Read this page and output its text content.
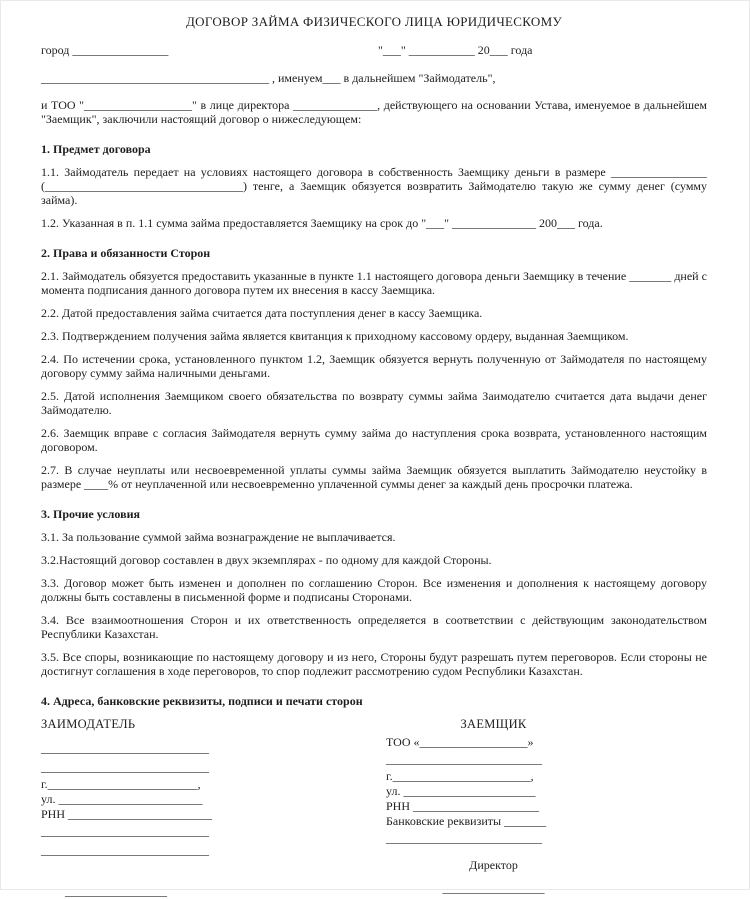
ДОГОВОР ЗАЙМА ФИЗИЧЕСКОГО ЛИЦА ЮРИДИЧЕСКОМУ
город ________________	"___" ___________ 20___ года
______________________________________ , именуем___ в дальнейшем "Займодатель",

и ТОО "__________________" в лице директора ______________, действующего на основании Устава, именуемое в дальнейшем "Заемщик", заключили настоящий договор о нижеследующем:

1. Предмет договора

1.1. Займодатель передает на условиях настоящего договора в собственность Заемщику деньги в размере ________________ (_________________________________) тенге, а Заемщик обязуется возвратить Займодателю такую же сумму денег (сумму займа).

1.2. Указанная в п. 1.1 сумма займа предоставляется Заемщику на срок до "___" ______________ 200___ года.

2. Права и обязанности Сторон

2.1. Займодатель обязуется предоставить указанные в пункте 1.1 настоящего договора деньги Заемщику в течение _______ дней с момента подписания данного договора путем их внесения в кассу Заемщика.

2.2. Датой предоставления займа считается дата поступления денег в кассу Заемщика.

2.3. Подтверждением получения займа является квитанция к приходному кассовому ордеру, выданная Заемщиком.

2.4. По истечении срока, установленного пунктом 1.2, Заемщик обязуется вернуть полученную от Займодателя по настоящему договору сумму займа наличными деньгами.

2.5. Датой исполнения Заемщиком своего обязательства по возврату суммы займа Заимодателю считается дата выдачи денег Займодателю.

2.6. Заемщик вправе с согласия Займодателя вернуть сумму займа до наступления срока возврата, установленного настоящим договором.

2.7. В случае неуплаты или несвоевременной уплаты суммы займа Заемщик обязуется выплатить Займодателю неустойку в размере ____% от неуплаченной или несвоевременно уплаченной суммы денег за каждый день просрочки платежа.

3. Прочие условия

3.1. За пользование суммой займа вознаграждение не выплачивается.

3.2.Настоящий договор составлен в двух экземплярах - по одному для каждой Стороны.

3.3. Договор может быть изменен и дополнен по соглашению Сторон. Все изменения и дополнения к настоящему договору должны быть составлены в письменной форме и подписаны Сторонами.

3.4. Все взаимоотношения Сторон и их ответственность определяется в соответствии с действующим законодательством Республики Казахстан.

3.5. Все споры, возникающие по настоящему договору и из него, Стороны будут разрешать путем переговоров. Если стороны не достигнут соглашения в ходе переговоров, то спор подлежит рассмотрению судом Республики Казахстан.

4. Адреса, банковские реквизиты, подписи и печати сторон
ЗАИМОДАТЕЛЬ
____________________________
____________________________
г._________________________,
ул. ________________________
РНН ________________________
____________________________
____________________________
_________________
ЗАЕМЩИК
ТОО «__________________»
__________________________
г._______________________,
ул. ______________________
РНН _____________________
Банковские реквизиты _______
__________________________
Директор
_________________
